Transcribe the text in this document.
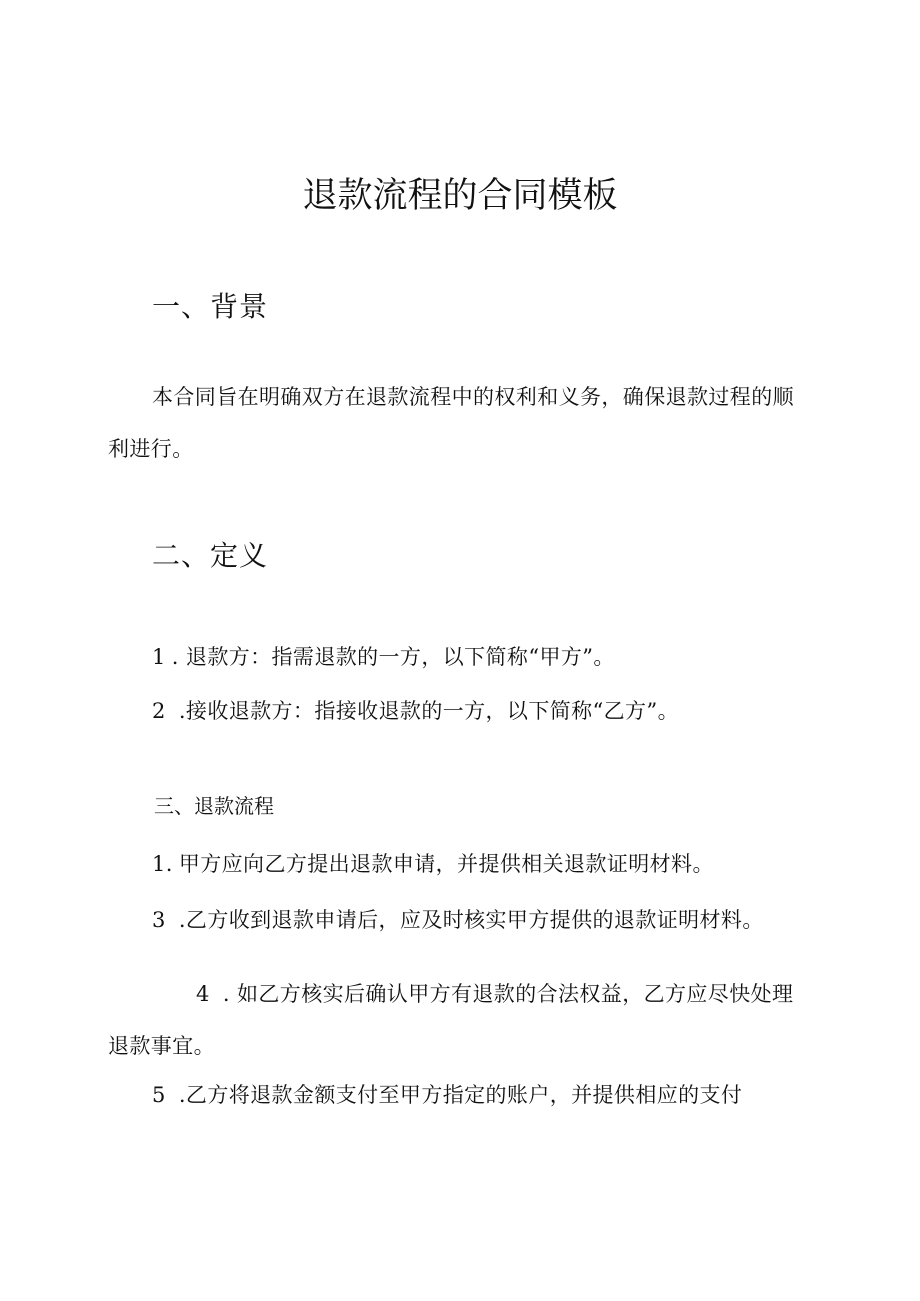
退款流程的合同模板
一、背景
本合同旨在明确双方在退款流程中的权利和义务，确保退款过程的顺利进行。
二、定义
1 . 退款方：指需退款的一方，以下简称“甲方”。
2 .接收退款方：指接收退款的一方，以下简称“乙方”。
三、退款流程
1. 甲方应向乙方提出退款申请，并提供相关退款证明材料。
3 .乙方收到退款申请后，应及时核实甲方提供的退款证明材料。
4 . 如乙方核实后确认甲方有退款的合法权益，乙方应尽快处理退款事宜。
5 .乙方将退款金额支付至甲方指定的账户，并提供相应的支付
